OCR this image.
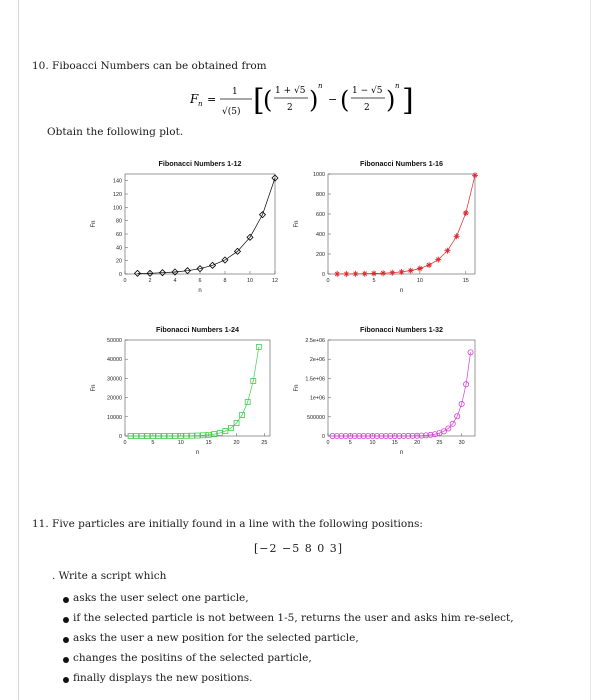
10. Fiboacci Numbers can be obtained from
F n =
1
√(5) [
( 1 + √5
2 ) n
− ( 1 − √5
2 ) n ]
Obtain the following plot.
Fibonacci Numbers 1-12
0
20
40
60
80
100
120
140
0	2	4	6	8	10	12
n
Fn
Fibonacci Numbers 1-16
0
200
400
600
800
1000
0	5	10	15
n
Fn
Fibonacci Numbers 1-24
0
10000
20000
30000
40000
50000
0	5	10	15	20	25
n
Fn
Fibonacci Numbers 1-32
0
500000
1e+06
1.5e+06
2e+06
2.5e+06
0	5	10	15	20	25	30
n
Fn
11. Five particles are initially found in a line with the following positions:
[−2 −5 8 0 3]
. Write a script which
asks the user select one particle,
if the selected particle is not between 1-5, returns the user and asks him re-select,
asks the user a new position for the selected particle,
changes the positins of the selected particle,
finally displays the new positions.
